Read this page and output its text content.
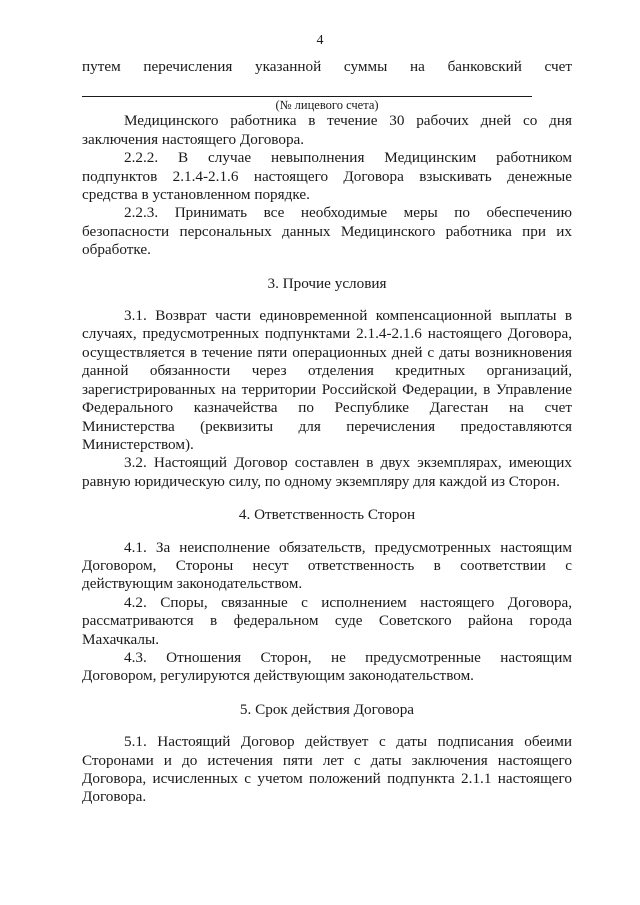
4
путем перечисления указанной суммы на банковский счет
(№ лицевого счета)
Медицинского работника в течение 30 рабочих дней со дня
заключения настоящего Договора.
2.2.2. В случае невыполнения Медицинским работником
подпунктов 2.1.4-2.1.6 настоящего Договора взыскивать денежные
средства в установленном порядке.
2.2.3. Принимать все необходимые меры по обеспечению
безопасности персональных данных Медицинского работника при их
обработке.
3. Прочие условия
3.1. Возврат части единовременной компенсационной выплаты в
случаях, предусмотренных подпунктами 2.1.4-2.1.6 настоящего Договора,
осуществляется в течение пяти операционных дней с даты возникновения
данной обязанности через отделения кредитных организаций,
зарегистрированных на территории Российской Федерации, в Управление
Федерального казначейства по Республике Дагестан на счет
Министерства (реквизиты для перечисления предоставляются
Министерством).
3.2. Настоящий Договор составлен в двух экземплярах, имеющих
равную юридическую силу, по одному экземпляру для каждой из Сторон.
4. Ответственность Сторон
4.1. За неисполнение обязательств, предусмотренных настоящим
Договором, Стороны несут ответственность в соответствии с
действующим законодательством.
4.2. Споры, связанные с исполнением настоящего Договора,
рассматриваются в федеральном суде Советского района города
Махачкалы.
4.3. Отношения Сторон, не предусмотренные настоящим
Договором, регулируются действующим законодательством.
5. Срок действия Договора
5.1. Настоящий Договор действует с даты подписания обеими
Сторонами и до истечения пяти лет с даты заключения настоящего
Договора, исчисленных с учетом положений подпункта 2.1.1 настоящего
Договора.
